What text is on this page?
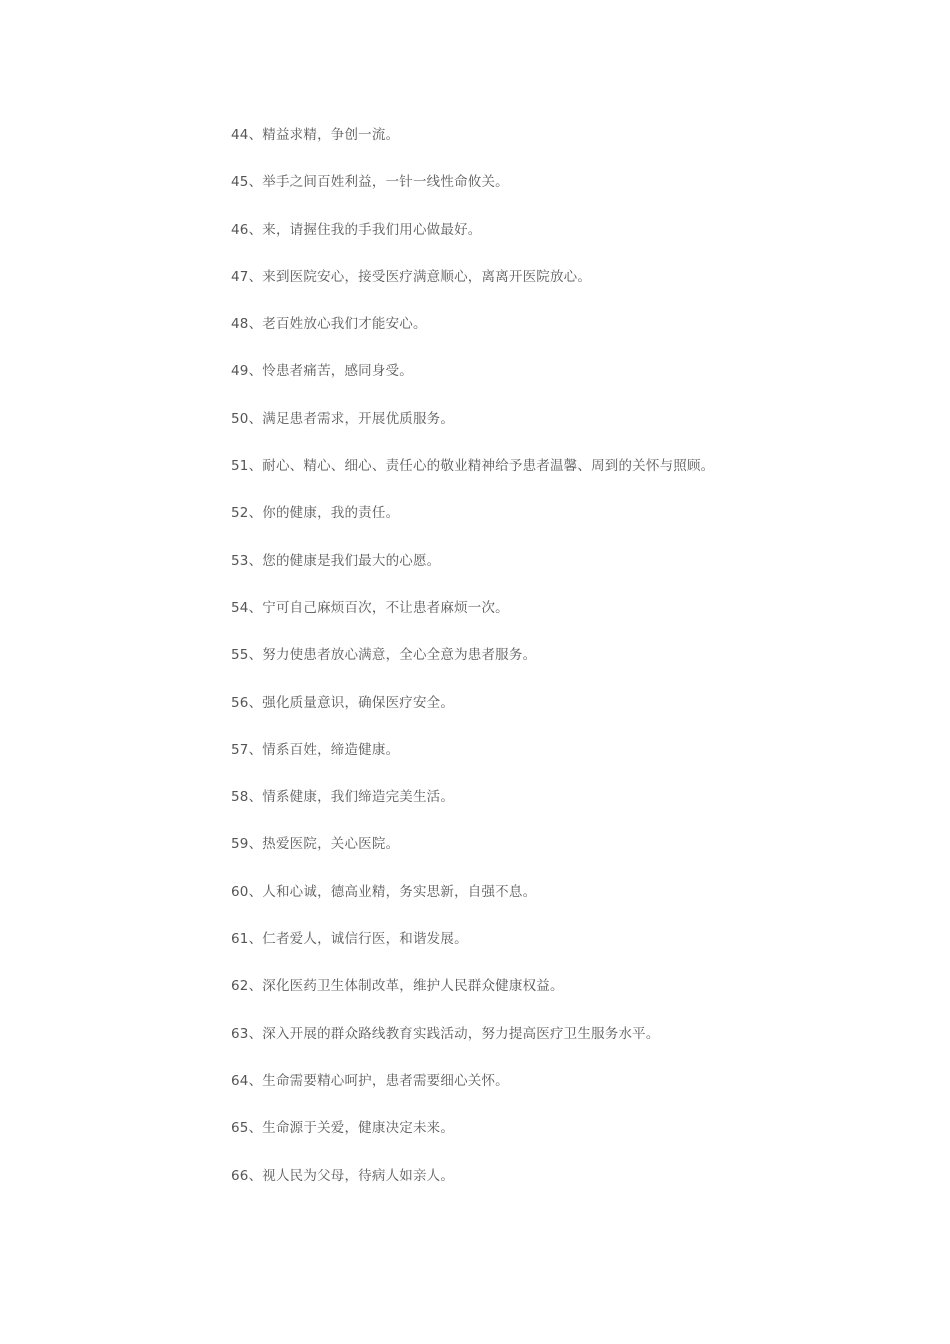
44、精益求精，争创一流。
45、举手之间百姓利益，一针一线性命攸关。
46、来，请握住我的手我们用心做最好。
47、来到医院安心，接受医疗满意顺心，离离开医院放心。
48、老百姓放心我们才能安心。
49、怜患者痛苦，感同身受。
50、满足患者需求，开展优质服务。
51、耐心、精心、细心、责任心的敬业精神给予患者温馨、周到的关怀与照顾。
52、你的健康，我的责任。
53、您的健康是我们最大的心愿。
54、宁可自己麻烦百次，不让患者麻烦一次。
55、努力使患者放心满意，全心全意为患者服务。
56、强化质量意识，确保医疗安全。
57、情系百姓，缔造健康。
58、情系健康，我们缔造完美生活。
59、热爱医院，关心医院。
60、人和心诚，德高业精，务实思新，自强不息。
61、仁者爱人，诚信行医，和谐发展。
62、深化医药卫生体制改革，维护人民群众健康权益。
63、深入开展的群众路线教育实践活动，努力提高医疗卫生服务水平。
64、生命需要精心呵护，患者需要细心关怀。
65、生命源于关爱，健康决定未来。
66、视人民为父母，待病人如亲人。
